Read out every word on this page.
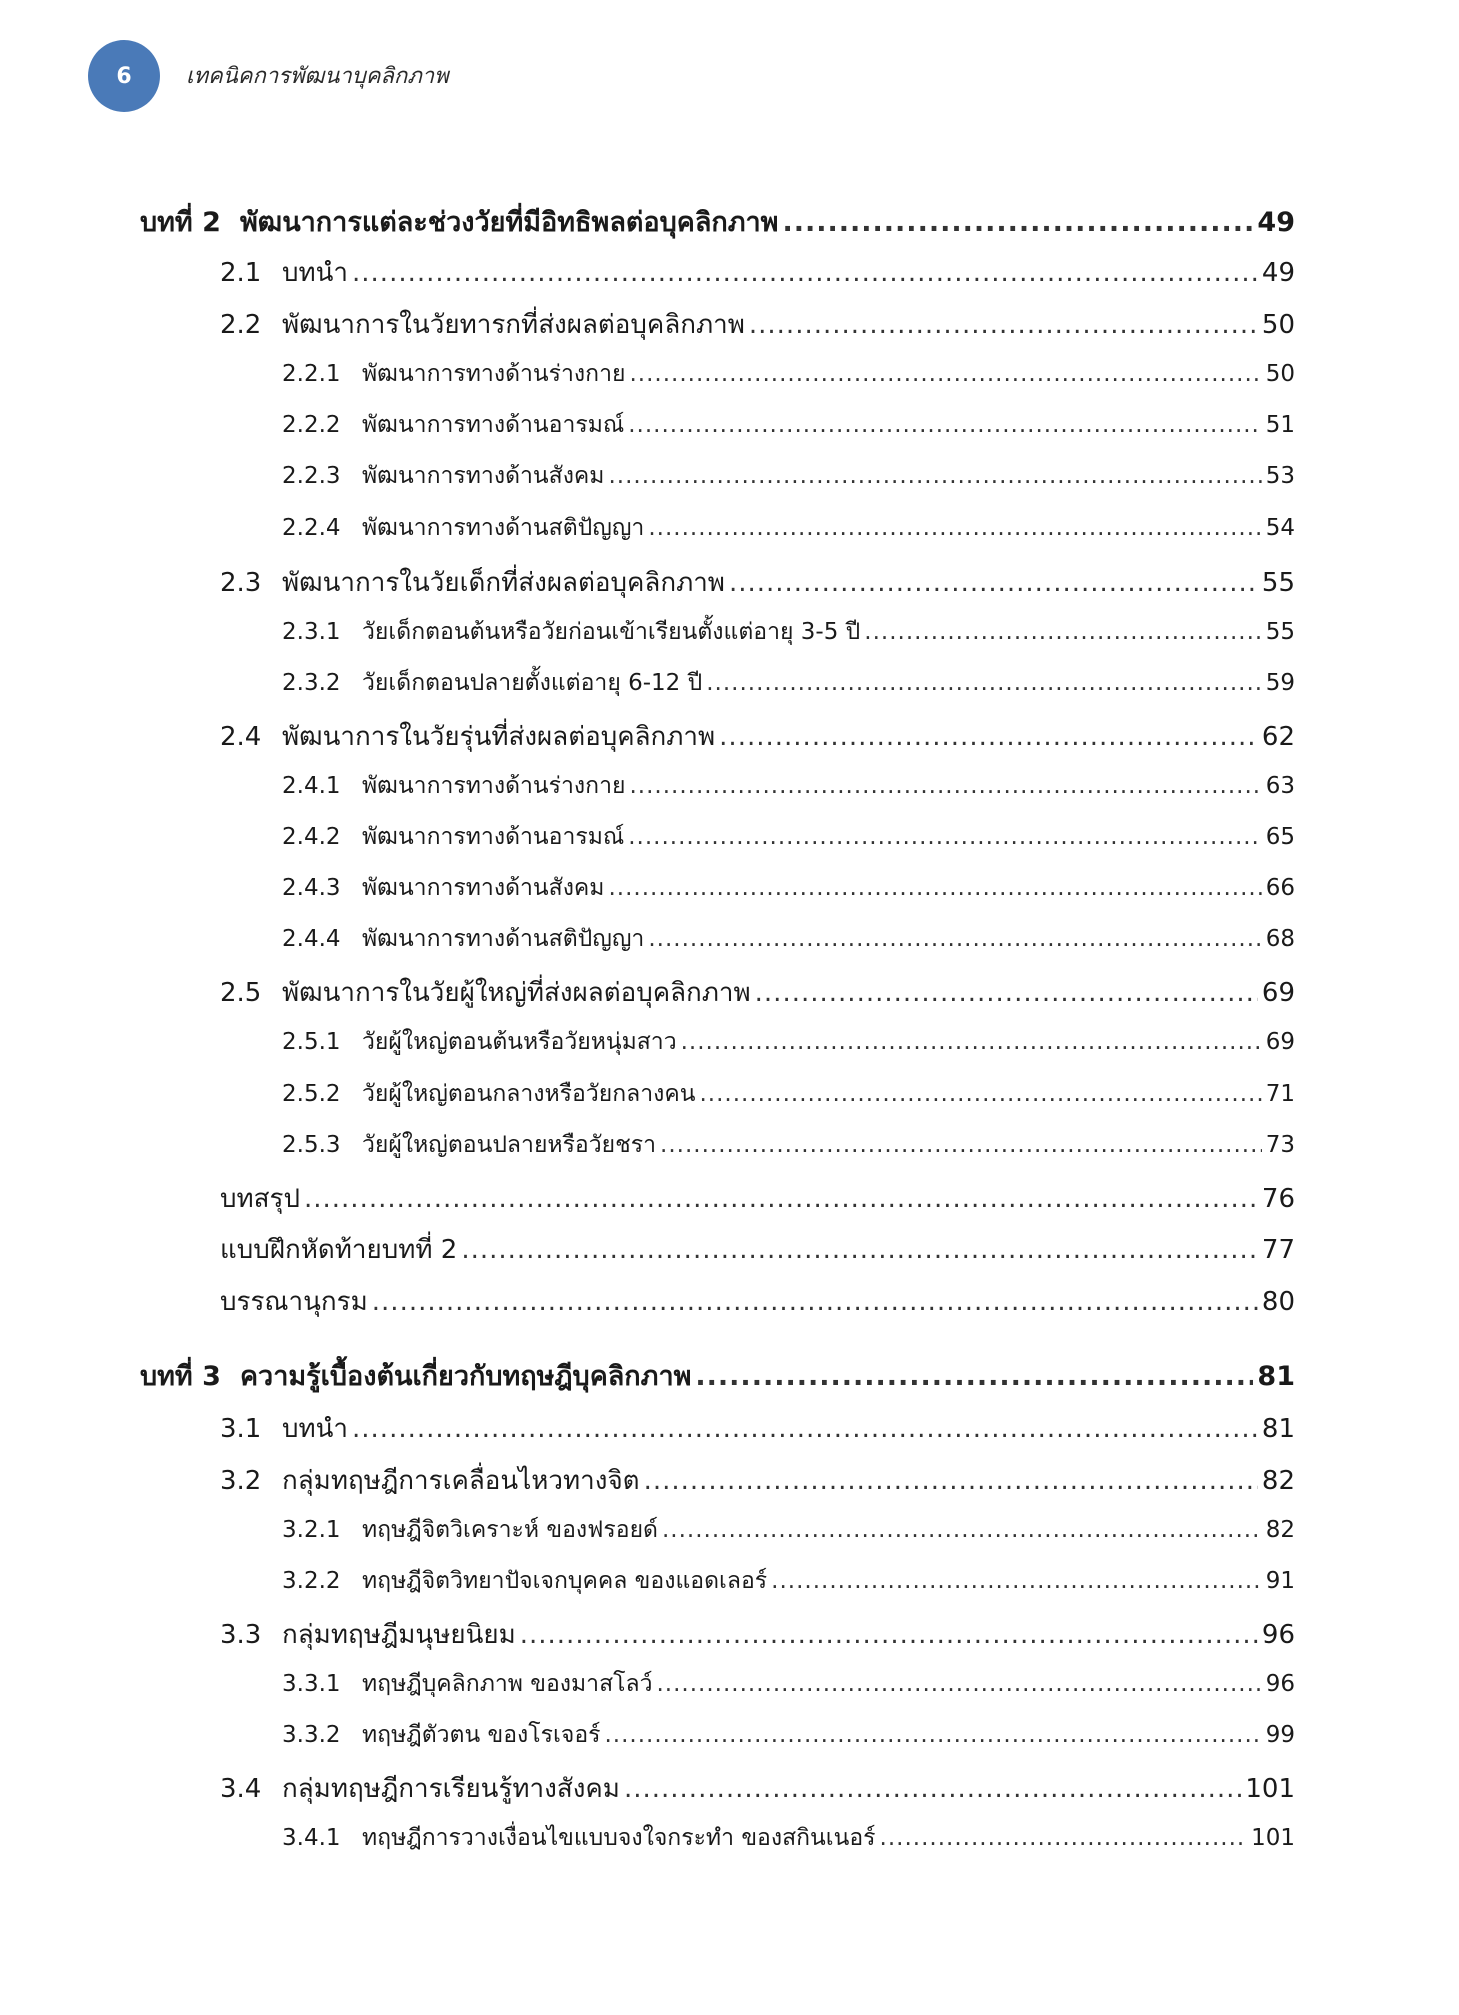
6 เทคนิคการพัฒนาบุคลิกภาพ
บทที่ 2 พัฒนาการแต่ละช่วงวัยที่มีอิทธิพลต่อบุคลิกภาพ .....	49
2.1 บทนำ .....	49
2.2 พัฒนาการในวัยทารกที่ส่งผลต่อบุคลิกภาพ .....	50
2.2.1 พัฒนาการทางด้านร่างกาย .....	50
2.2.2 พัฒนาการทางด้านอารมณ์ .....	51
2.2.3 พัฒนาการทางด้านสังคม .....	53
2.2.4 พัฒนาการทางด้านสติปัญญา .....	54
2.3 พัฒนาการในวัยเด็กที่ส่งผลต่อบุคลิกภาพ .....	55
2.3.1 วัยเด็กตอนต้นหรือวัยก่อนเข้าเรียนตั้งแต่อายุ 3-5 ปี .....	55
2.3.2 วัยเด็กตอนปลายตั้งแต่อายุ 6-12 ปี .....	59
2.4 พัฒนาการในวัยรุ่นที่ส่งผลต่อบุคลิกภาพ .....	62
2.4.1 พัฒนาการทางด้านร่างกาย .....	63
2.4.2 พัฒนาการทางด้านอารมณ์ .....	65
2.4.3 พัฒนาการทางด้านสังคม .....	66
2.4.4 พัฒนาการทางด้านสติปัญญา .....	68
2.5 พัฒนาการในวัยผู้ใหญ่ที่ส่งผลต่อบุคลิกภาพ .....	69
2.5.1 วัยผู้ใหญ่ตอนต้นหรือวัยหนุ่มสาว .....	69
2.5.2 วัยผู้ใหญ่ตอนกลางหรือวัยกลางคน .....	71
2.5.3 วัยผู้ใหญ่ตอนปลายหรือวัยชรา .....	73
บทสรุป .....	76
แบบฝึกหัดท้ายบทที่ 2 .....	77
บรรณานุกรม .....	80
บทที่ 3 ความรู้เบื้องต้นเกี่ยวกับทฤษฎีบุคลิกภาพ .....	81
3.1 บทนำ .....	81
3.2 กลุ่มทฤษฎีการเคลื่อนไหวทางจิต .....	82
3.2.1 ทฤษฎีจิตวิเคราะห์ ของฟรอยด์ .....	82
3.2.2 ทฤษฎีจิตวิทยาปัจเจกบุคคล ของแอดเลอร์ .....	91
3.3 กลุ่มทฤษฎีมนุษยนิยม .....	96
3.3.1 ทฤษฎีบุคลิกภาพ ของมาสโลว์ .....	96
3.3.2 ทฤษฎีตัวตน ของโรเจอร์ .....	99
3.4 กลุ่มทฤษฎีการเรียนรู้ทางสังคม .....	101
3.4.1 ทฤษฎีการวางเงื่อนไขแบบจงใจกระทำ ของสกินเนอร์ .....	101
